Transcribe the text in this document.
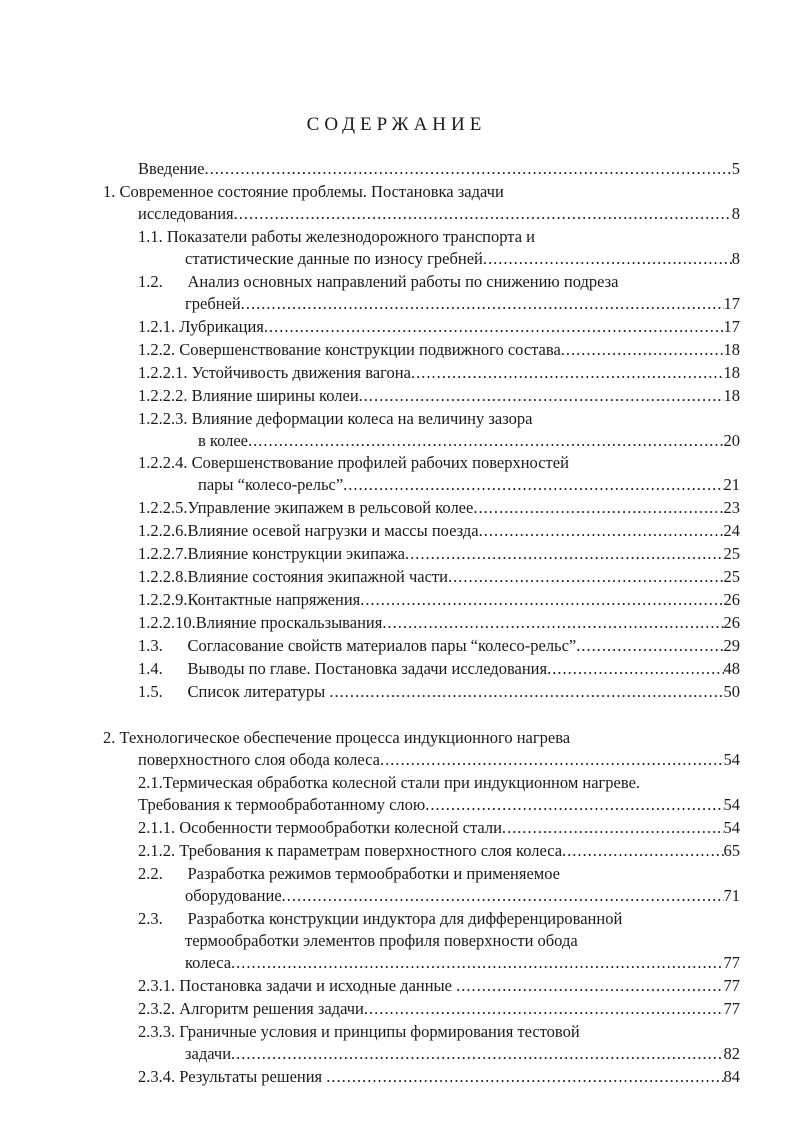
СОДЕРЖАНИЕ
Введение .....	5
1. Современное состояние проблемы. Постановка задачи
исследования .....	8
1.1. Показатели работы железнодорожного транспорта и
статистические данные по износу гребней .....	8
1.2.      Анализ основных направлений работы по снижению подреза
гребней .....	17
1.2.1. Лубрикация .....	17
1.2.2. Совершенствование конструкции подвижного состава .....	18
1.2.2.1. Устойчивость движения вагона .....	18
1.2.2.2. Влияние ширины колеи .....	18
1.2.2.3. Влияние деформации колеса на величину зазора
в колее .....	20
1.2.2.4. Совершенствование профилей рабочих поверхностей
пары “колесо-рельс” .....	21
1.2.2.5.Управление экипажем в рельсовой колее .....	23
1.2.2.6.Влияние осевой нагрузки и массы поезда .....	24
1.2.2.7.Влияние конструкции экипажа .....	25
1.2.2.8.Влияние состояния экипажной части .....	25
1.2.2.9.Контактные напряжения .....	26
1.2.2.10.Влияние проскальзывания .....	26
1.3.      Согласование свойств материалов пары “колесо-рельс” .....	29
1.4.      Выводы по главе. Постановка задачи исследования .....	48
1.5.      Список литературы .....	50
2. Технологическое обеспечение процесса индукционного нагрева
поверхностного слоя обода колеса .....	54
2.1.Термическая обработка колесной стали при индукционном нагреве.
Требования к термообработанному слою .....	54
2.1.1. Особенности термообработки колесной стали .....	54
2.1.2. Требования к параметрам поверхностного слоя колеса .....	65
2.2.      Разработка режимов термообработки и применяемое
оборудование .....	71
2.3.      Разработка конструкции индуктора для дифференцированной
термообработки элементов профиля поверхности обода
колеса .....	77
2.3.1. Постановка задачи и исходные данные .....	77
2.3.2. Алгоритм решения задачи .....	77
2.3.3. Граничные условия и принципы формирования тестовой
задачи .....	82
2.3.4. Результаты решения .....	84
